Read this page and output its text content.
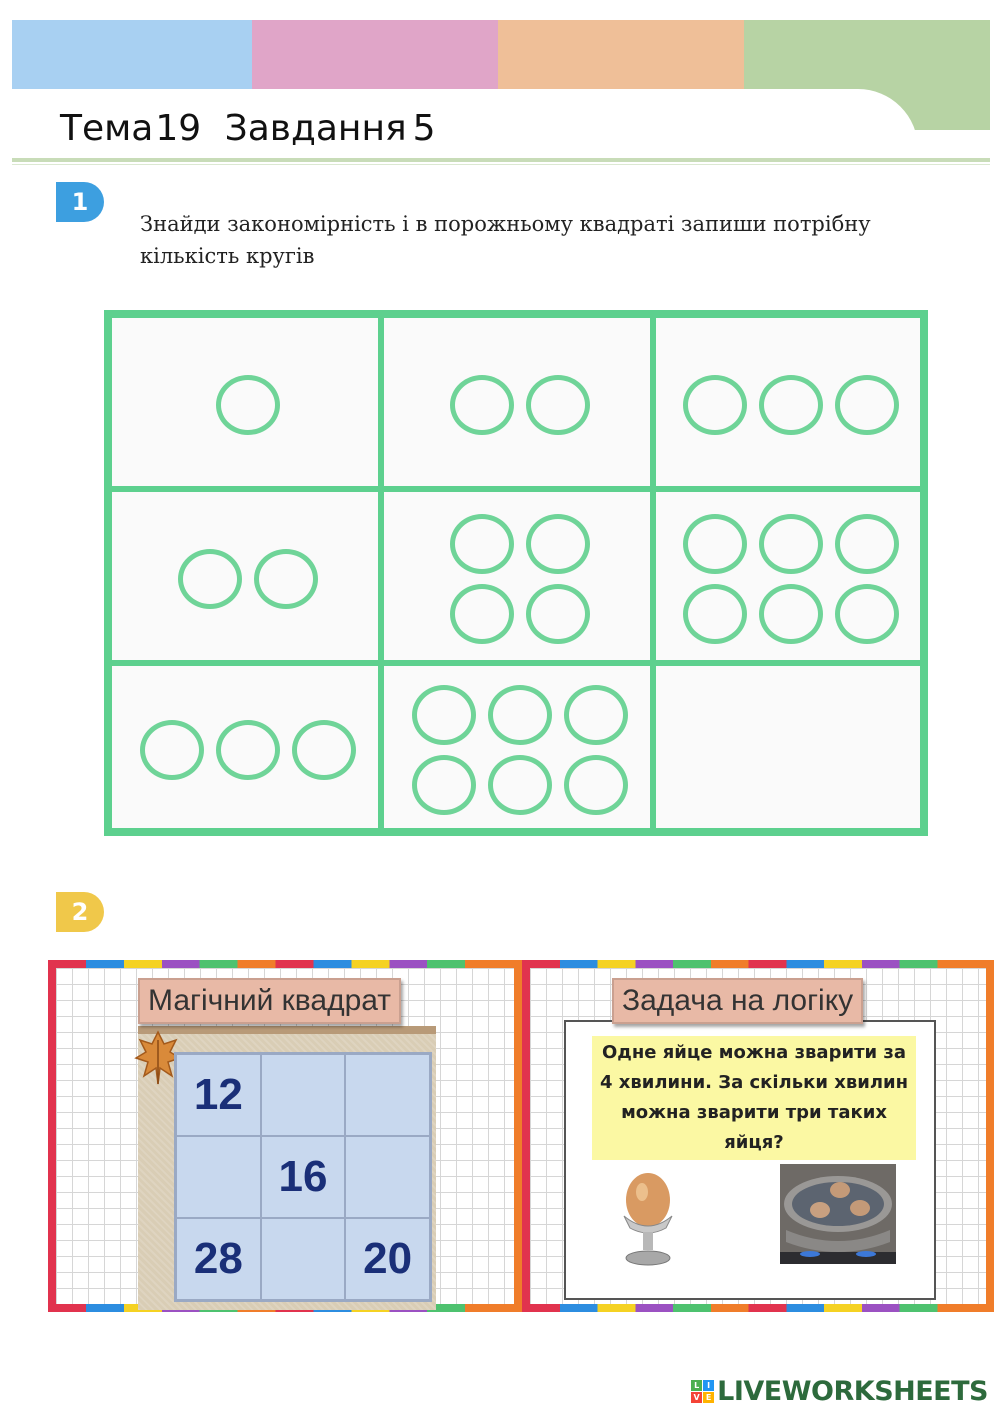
Тема19 Завдання 5
1
Знайди закономірність і в порожньому квадраті запиши потрібну кількість кругів
2
Магічний квадрат
12
16
28	20
Одне яйце можна зварити за 4 хвилини. За скільки хвилин можна зварити три таких яйця?
Задача на логіку
L I
V E LIVEWORKSHEETS
